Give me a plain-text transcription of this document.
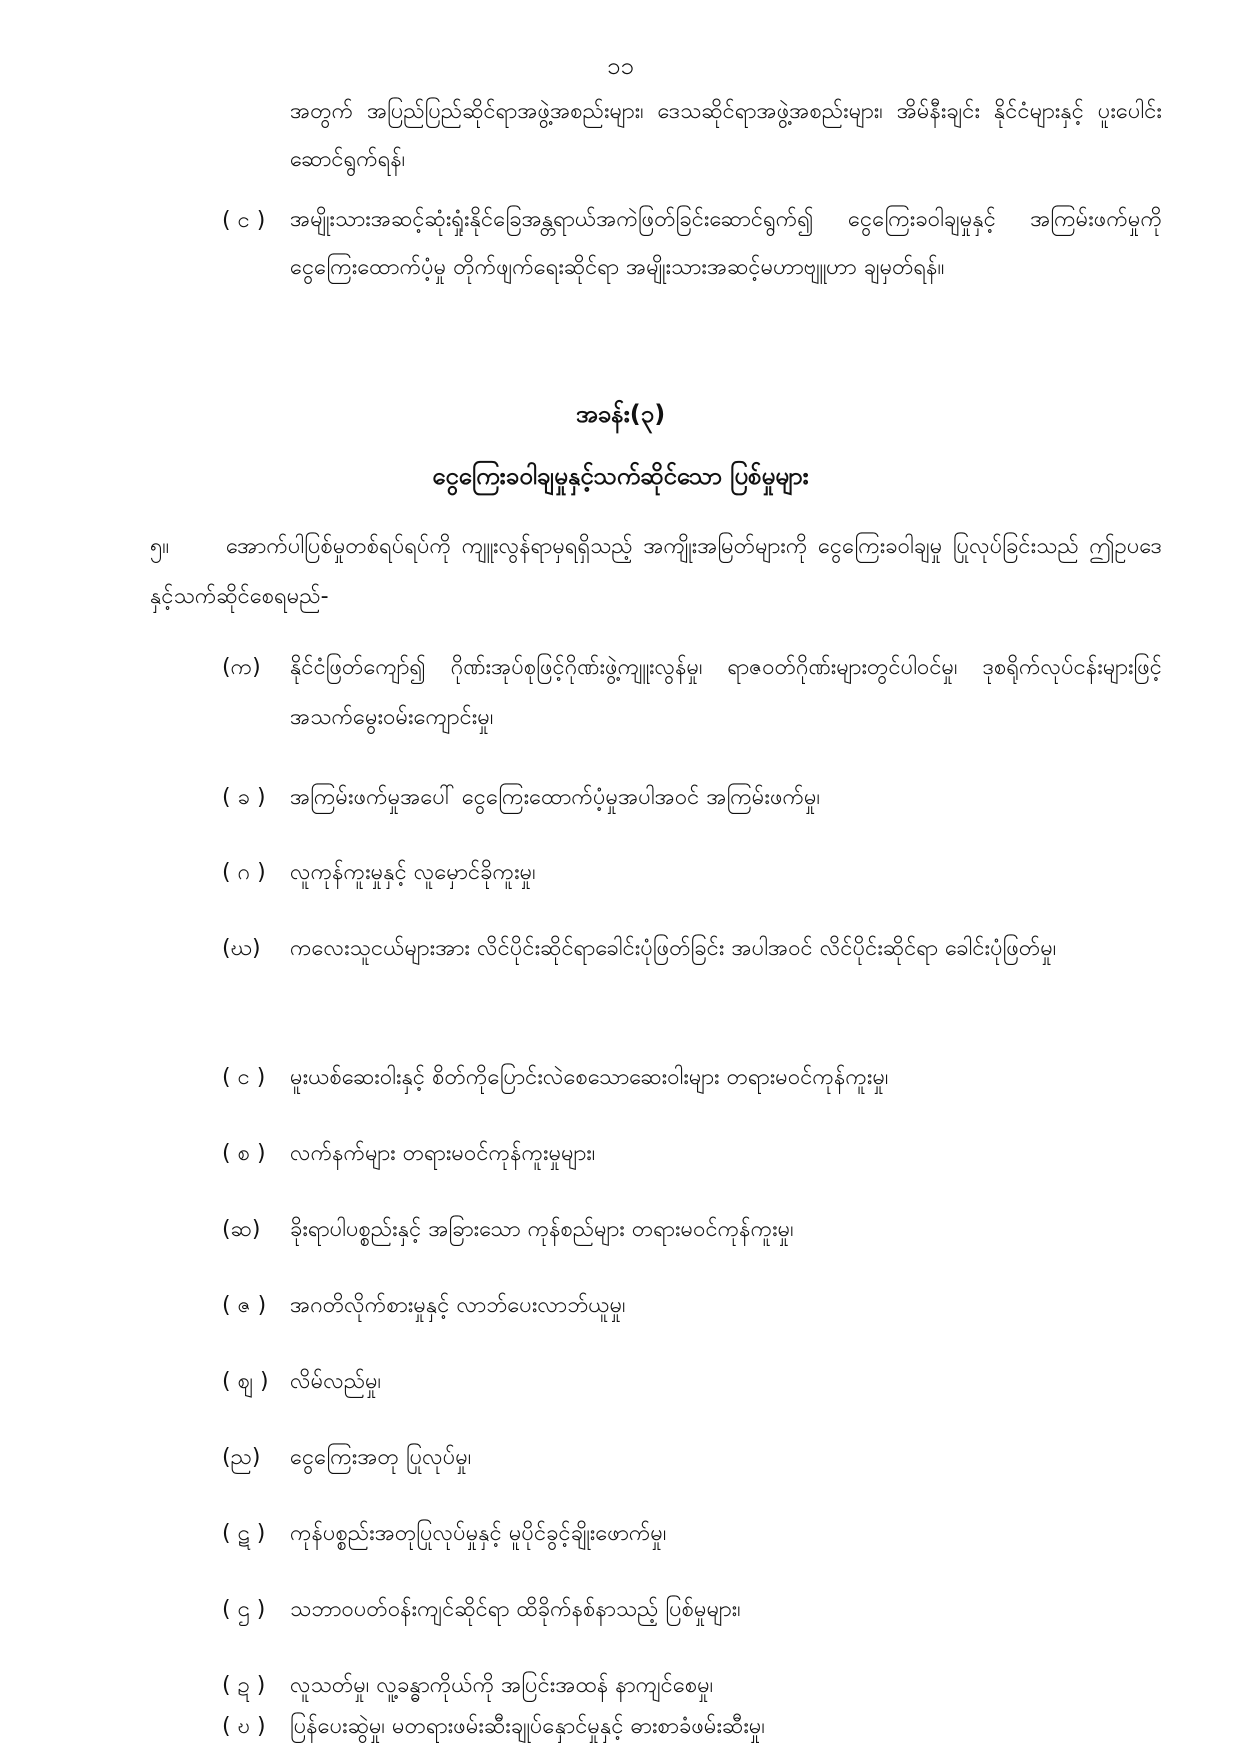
၁၁
အတွက် အပြည်ပြည်ဆိုင်ရာအဖွဲ့အစည်းများ၊ ဒေသဆိုင်ရာအဖွဲ့အစည်းများ၊ အိမ်နီးချင်း နိုင်ငံများနှင့် ပူးပေါင်းဆောင်ရွက်ရန်၊
( င )	အမျိုးသားအဆင့်ဆုံးရှုံးနိုင်ခြေအန္တရာယ်အကဲဖြတ်ခြင်းဆောင်ရွက်၍ ငွေကြေးခဝါချမှုနှင့် အကြမ်းဖက်မှုကိုငွေကြေးထောက်ပံ့မှု တိုက်ဖျက်ရေးဆိုင်ရာ အမျိုးသားအဆင့်မဟာဗျူဟာ ချမှတ်ရန်။
အခန်း(၃)
ငွေကြေးခဝါချမှုနှင့်သက်ဆိုင်သော ပြစ်မှုများ
၅။	အောက်ပါပြစ်မှုတစ်ရပ်ရပ်ကို ကျူးလွန်ရာမှရရှိသည့် အကျိုးအမြတ်များကို ငွေကြေးခဝါချမှု ပြုလုပ်ခြင်းသည် ဤဥပဒေနှင့်သက်ဆိုင်စေရမည်-
(က)	နိုင်ငံဖြတ်ကျော်၍ ဂိုဏ်းအုပ်စုဖြင့်ဂိုဏ်းဖွဲ့ကျူးလွန်မှု၊ ရာဇဝတ်ဂိုဏ်းများတွင်ပါဝင်မှု၊ ဒုစရိုက်လုပ်ငန်းများဖြင့် အသက်မွေးဝမ်းကျောင်းမှု၊
( ခ )	အကြမ်းဖက်မှုအပေါ် ငွေကြေးထောက်ပံ့မှုအပါအဝင် အကြမ်းဖက်မှု၊
( ဂ )	လူကုန်ကူးမှုနှင့် လူမှောင်ခိုကူးမှု၊
(ဃ)	ကလေးသူငယ်များအား လိင်ပိုင်းဆိုင်ရာခေါင်းပုံဖြတ်ခြင်း အပါအဝင် လိင်ပိုင်းဆိုင်ရာ ခေါင်းပုံဖြတ်မှု၊
( င )	မူးယစ်ဆေးဝါးနှင့် စိတ်ကိုပြောင်းလဲစေသောဆေးဝါးများ တရားမဝင်ကုန်ကူးမှု၊
( စ )	လက်နက်များ တရားမဝင်ကုန်ကူးမှုများ၊
(ဆ)	ခိုးရာပါပစ္စည်းနှင့် အခြားသော ကုန်စည်များ တရားမဝင်ကုန်ကူးမှု၊
( ဇ )	အဂတိလိုက်စားမှုနှင့် လာဘ်ပေးလာဘ်ယူမှု၊
( ဈ ) လိမ်လည်မှု၊
(ည)	ငွေကြေးအတု ပြုလုပ်မှု၊
( ဋ )	ကုန်ပစ္စည်းအတုပြုလုပ်မှုနှင့် မူပိုင်ခွင့်ချိုးဖောက်မှု၊
( ဌ )	သဘာဝပတ်ဝန်းကျင်ဆိုင်ရာ ထိခိုက်နစ်နာသည့် ပြစ်မှုများ၊
( ဍ )	လူသတ်မှု၊ လူ့ခန္ဓာကိုယ်ကို အပြင်းအထန် နာကျင်စေမှု၊
( ဎ )	ပြန်ပေးဆွဲမှု၊ မတရားဖမ်းဆီးချုပ်နှောင်မှုနှင့် ဓားစာခံဖမ်းဆီးမှု၊
